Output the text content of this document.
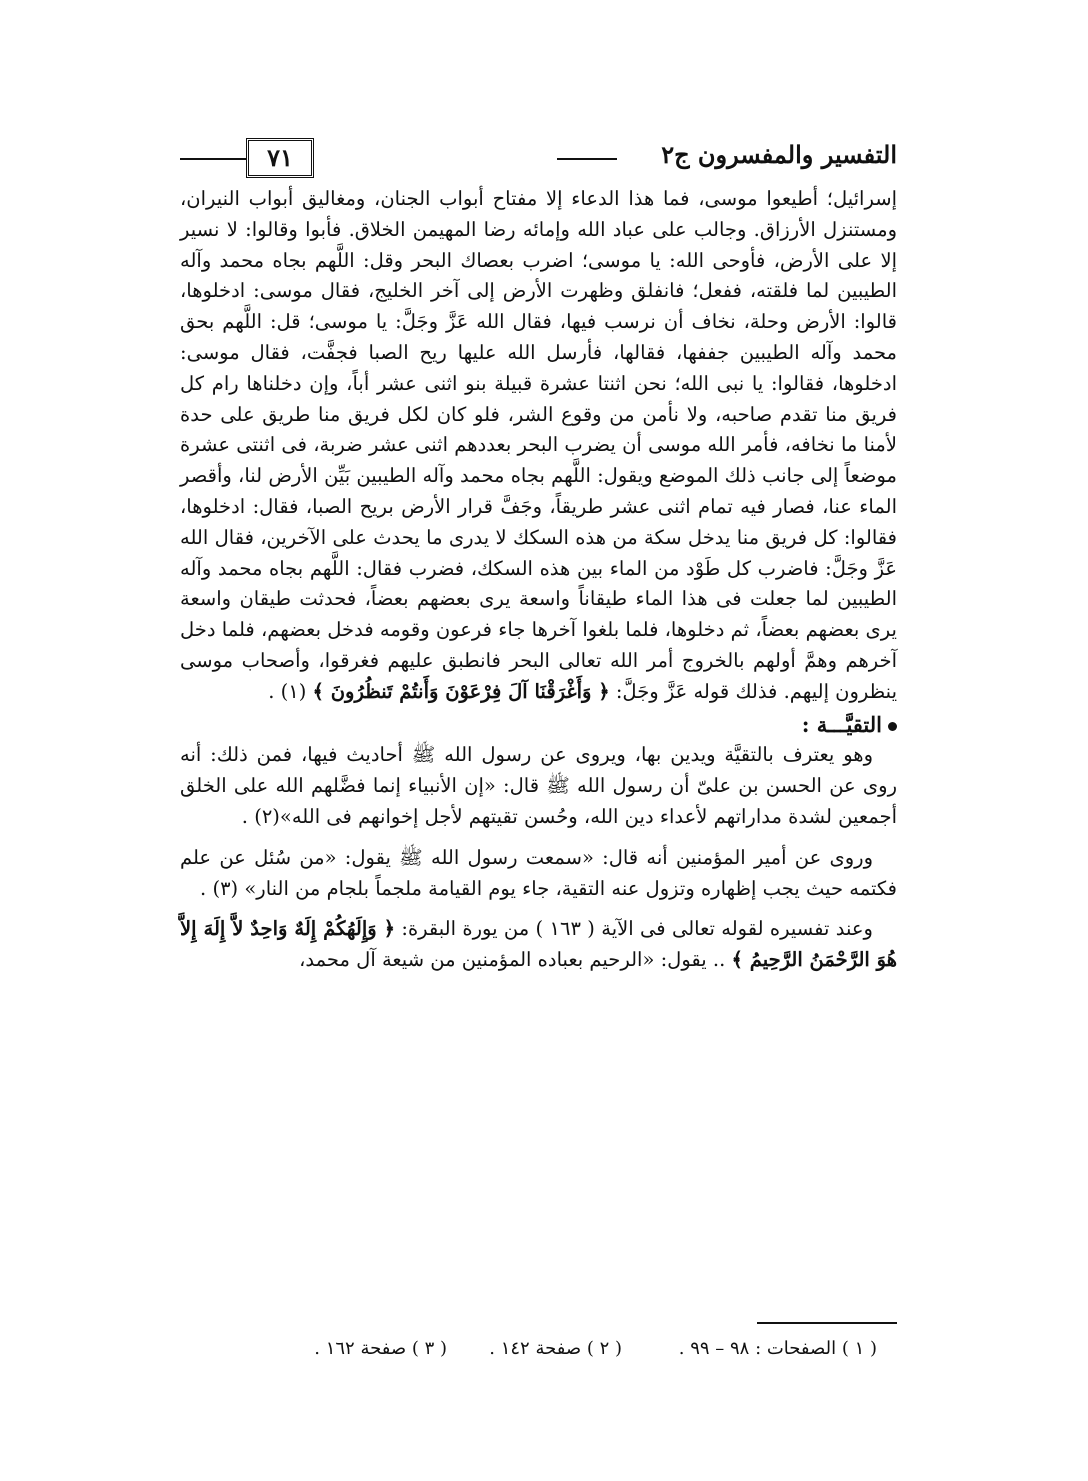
التفسير والمفسرون ج٢
٧١

إسرائيل؛ أطيعوا موسى، فما هذا الدعاء إلا مفتاح أبواب الجنان، ومغاليق أبواب النيران، ومستنزل الأرزاق. وجالب على عباد الله وإمائه رضا المهيمن الخلاق. فأبوا وقالوا: لا نسير إلا على الأرض، فأوحى الله: يا موسى؛ اضرب بعصاك البحر وقل: اللَّهم بجاه محمد وآله الطيبين لما فلقته، ففعل؛ فانفلق وظهرت الأرض إلى آخر الخليج، فقال موسى: ادخلوها، قالوا: الأرض وحلة، نخاف أن نرسب فيها، فقال الله عَزَّ وجَلَّ: يا موسى؛ قل: اللَّهم بحق محمد وآله الطيبين جففها، فقالها، فأرسل الله عليها ريح الصبا فجفَّت، فقال موسى: ادخلوها، فقالوا: يا نبى الله؛ نحن اثنتا عشرة قبيلة بنو اثنى عشر أباً، وإن دخلناها رام كل فريق منا تقدم صاحبه، ولا نأمن من وقوع الشر، فلو كان لكل فريق منا طريق على حدة لأمنا ما نخافه، فأمر الله موسى أن يضرب البحر بعددهم اثنى عشر ضربة، فى اثنتى عشرة موضعاً إلى جانب ذلك الموضع ويقول: اللَّهم بجاه محمد وآله الطيبين بَيِّن الأرض لنا، وأقصر الماء عنا، فصار فيه تمام اثنى عشر طريقاً، وجَفَّ قرار الأرض بريح الصبا، فقال: ادخلوها، فقالوا: كل فريق منا يدخل سكة من هذه السكك لا يدرى ما يحدث على الآخرين، فقال الله عَزَّ وجَلَّ: فاضرب كل طَوْد من الماء بين هذه السكك، فضرب فقال: اللَّهم بجاه محمد وآله الطيبين لما جعلت فى هذا الماء طيقاناً واسعة يرى بعضهم بعضاً، فحدثت طيقان واسعة يرى بعضهم بعضاً، ثم دخلوها، فلما بلغوا آخرها جاء فرعون وقومه فدخل بعضهم، فلما دخل آخرهم وهمَّ أولهم بالخروج أمر الله تعالى البحر فانطبق عليهم فغرقوا، وأصحاب موسى ينظرون إليهم. فذلك قوله عَزَّ وجَلَّ: ﴿ وَأَغْرَقْنَا آلَ فِرْعَوْنَ وَأَنتُمْ تَنظُرُونَ ﴾ (١) .

التقيَّـــة :

وهو يعترف بالتقيَّة ويدين بها، ويروى عن رسول الله ﷺ أحاديث فيها، فمن ذلك: أنه روى عن الحسن بن علىّ أن رسول الله ﷺ قال: «إن الأنبياء إنما فضَّلهم الله على الخلق أجمعين لشدة مداراتهم لأعداء دين الله، وحُسن تقيتهم لأجل إخوانهم فى الله»(٢) .

وروى عن أمير المؤمنين أنه قال: «سمعت رسول الله ﷺ يقول: «من سُئل عن علم فكتمه حيث يجب إظهاره وتزول عنه التقية، جاء يوم القيامة ملجماً بلجام من النار» (٣) .

وعند تفسيره لقوله تعالى فى الآية ( ١٦٣ ) من يورة البقرة: ﴿ وَإِلَهُكُمْ إِلَهٌ وَاحِدٌ لاَّ إِلَهَ إِلاَّ هُوَ الرَّحْمَنُ الرَّحِيمُ ﴾ .. يقول: «الرحيم بعباده المؤمنين من شيعة آل محمد،

( ١ ) الصفحات : ٩٨ – ٩٩ .
( ٢ ) صفحة ١٤٢ .
( ٣ ) صفحة ١٦٢ .
